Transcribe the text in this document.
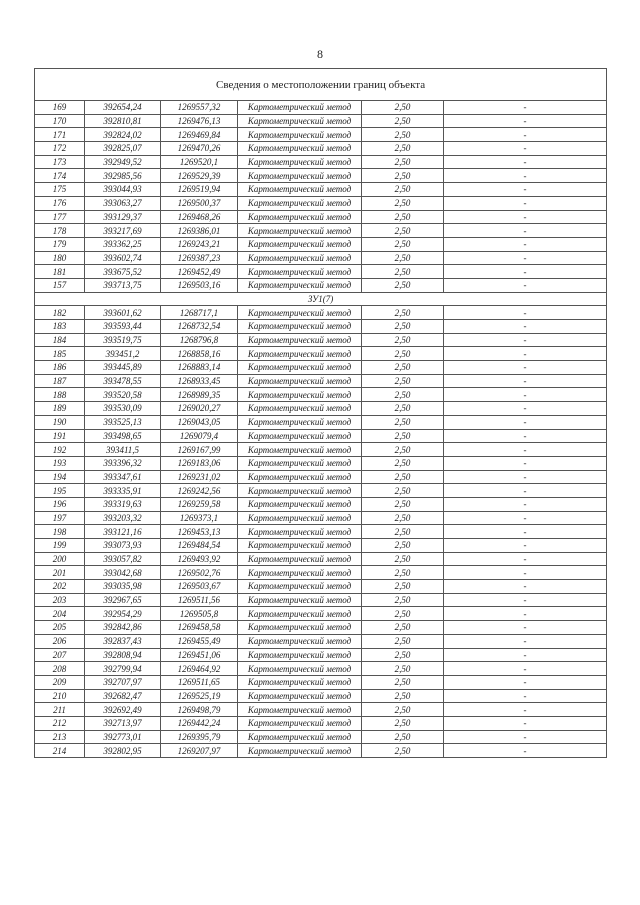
8
Сведения о местоположении границ объекта					
169	392654,24	1269557,32	Картометрический метод	2,50	-
170	392810,81	1269476,13	Картометрический метод	2,50	-
171	392824,02	1269469,84	Картометрический метод	2,50	-
172	392825,07	1269470,26	Картометрический метод	2,50	-
173	392949,52	1269520,1	Картометрический метод	2,50	-
174	392985,56	1269529,39	Картометрический метод	2,50	-
175	393044,93	1269519,94	Картометрический метод	2,50	-
176	393063,27	1269500,37	Картометрический метод	2,50	-
177	393129,37	1269468,26	Картометрический метод	2,50	-
178	393217,69	1269386,01	Картометрический метод	2,50	-
179	393362,25	1269243,21	Картометрический метод	2,50	-
180	393602,74	1269387,23	Картометрический метод	2,50	-
181	393675,52	1269452,49	Картометрический метод	2,50	-
157	393713,75	1269503,16	Картометрический метод	2,50	-
ЗУ1(7)					
182	393601,62	1268717,1	Картометрический метод	2,50	-
183	393593,44	1268732,54	Картометрический метод	2,50	-
184	393519,75	1268796,8	Картометрический метод	2,50	-
185	393451,2	1268858,16	Картометрический метод	2,50	-
186	393445,89	1268883,14	Картометрический метод	2,50	-
187	393478,55	1268933,45	Картометрический метод	2,50	-
188	393520,58	1268989,35	Картометрический метод	2,50	-
189	393530,09	1269020,27	Картометрический метод	2,50	-
190	393525,13	1269043,05	Картометрический метод	2,50	-
191	393498,65	1269079,4	Картометрический метод	2,50	-
192	393411,5	1269167,99	Картометрический метод	2,50	-
193	393396,32	1269183,06	Картометрический метод	2,50	-
194	393347,61	1269231,02	Картометрический метод	2,50	-
195	393335,91	1269242,56	Картометрический метод	2,50	-
196	393319,63	1269259,58	Картометрический метод	2,50	-
197	393203,32	1269373,1	Картометрический метод	2,50	-
198	393121,16	1269453,13	Картометрический метод	2,50	-
199	393073,93	1269484,54	Картометрический метод	2,50	-
200	393057,82	1269493,92	Картометрический метод	2,50	-
201	393042,68	1269502,76	Картометрический метод	2,50	-
202	393035,98	1269503,67	Картометрический метод	2,50	-
203	392967,65	1269511,56	Картометрический метод	2,50	-
204	392954,29	1269505,8	Картометрический метод	2,50	-
205	392842,86	1269458,58	Картометрический метод	2,50	-
206	392837,43	1269455,49	Картометрический метод	2,50	-
207	392808,94	1269451,06	Картометрический метод	2,50	-
208	392799,94	1269464,92	Картометрический метод	2,50	-
209	392707,97	1269511,65	Картометрический метод	2,50	-
210	392682,47	1269525,19	Картометрический метод	2,50	-
211	392692,49	1269498,79	Картометрический метод	2,50	-
212	392713,97	1269442,24	Картометрический метод	2,50	-
213	392773,01	1269395,79	Картометрический метод	2,50	-
214	392802,95	1269207,97	Картометрический метод	2,50	-
